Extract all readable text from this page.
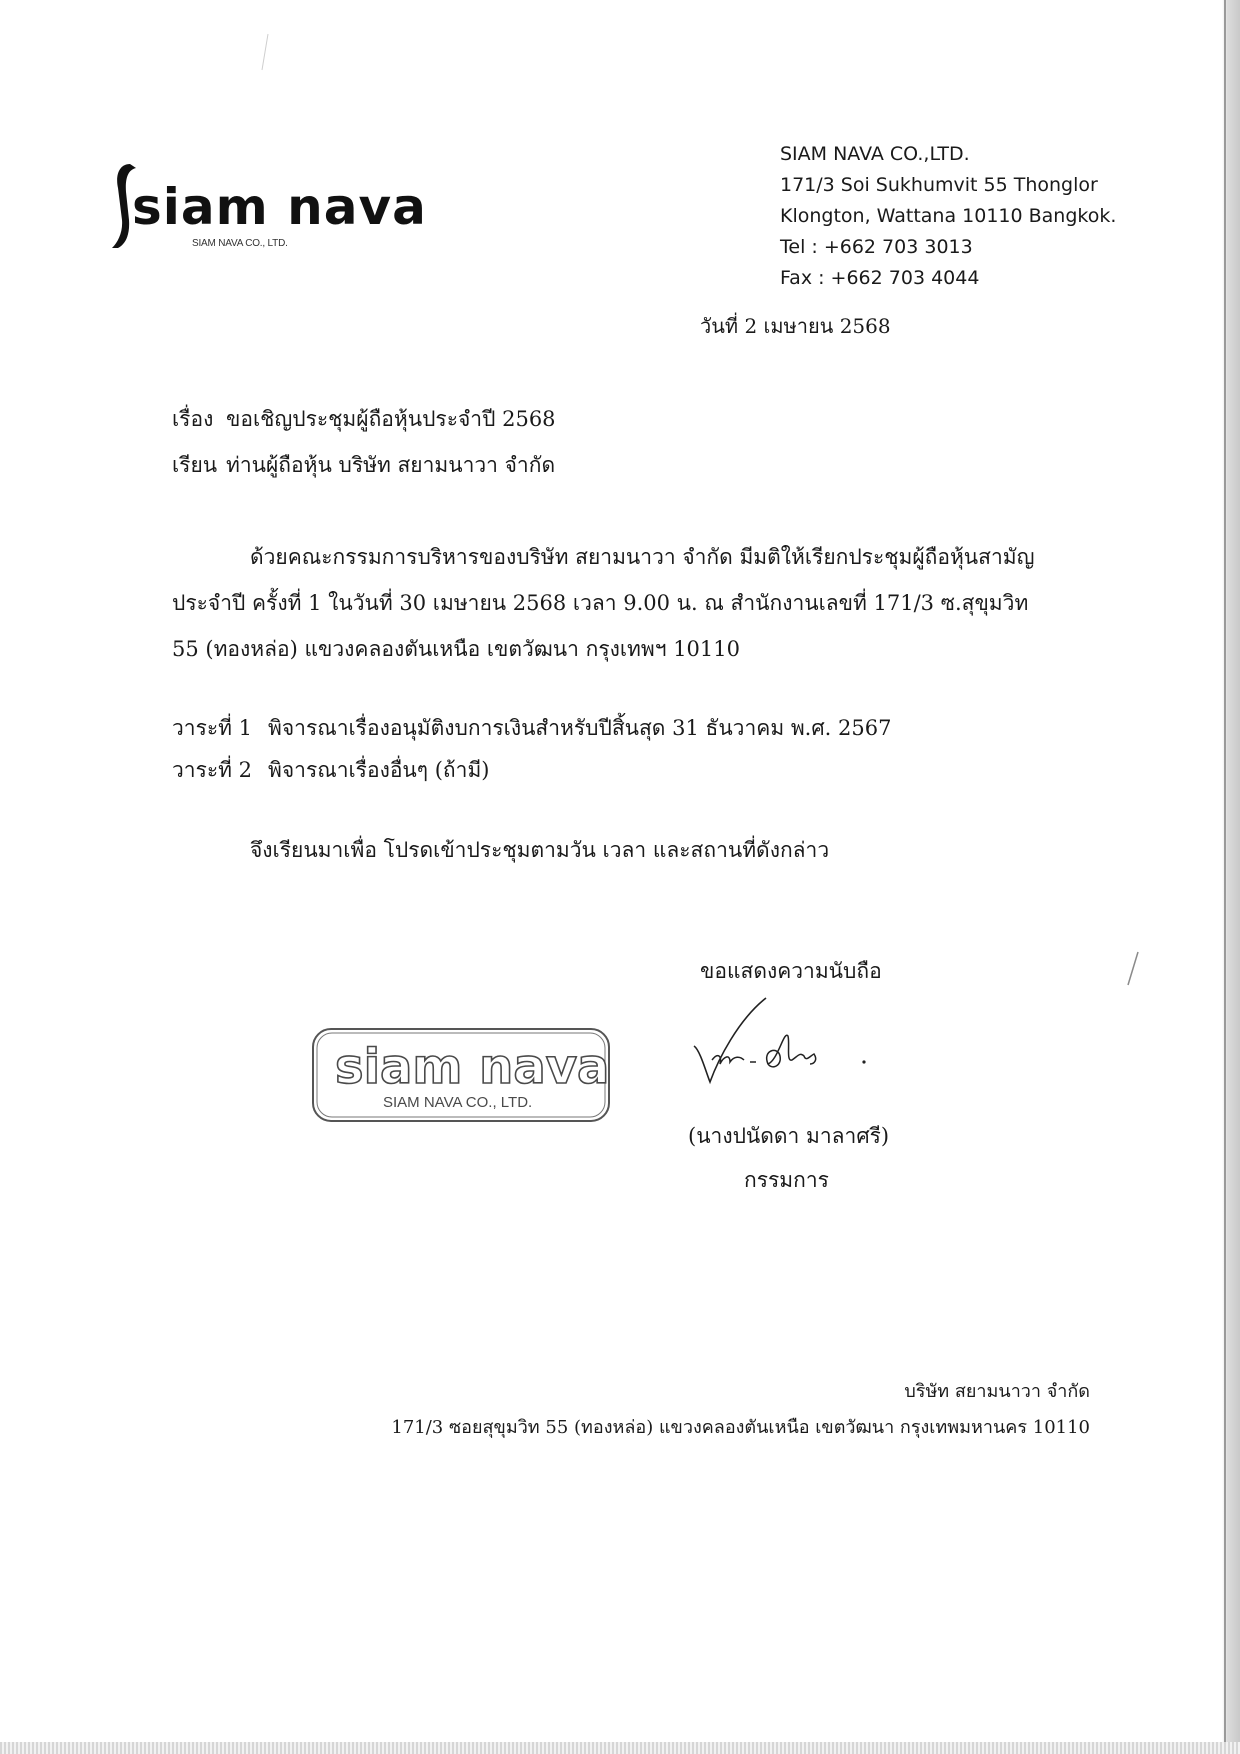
siam nava
SIAM NAVA CO., LTD.
SIAM NAVA CO.,LTD.
171/3 Soi Sukhumvit 55 Thonglor
Klongton, Wattana 10110 Bangkok.
Tel : +662 703 3013
Fax : +662 703 4044
วันที่ 2 เมษายน 2568
เรื่อง ขอเชิญประชุมผู้ถือหุ้นประจำปี 2568
เรียน ท่านผู้ถือหุ้น บริษัท สยามนาวา จำกัด
ด้วยคณะกรรมการบริหารของบริษัท สยามนาวา จำกัด มีมติให้เรียกประชุมผู้ถือหุ้นสามัญ
ประจำปี ครั้งที่ 1 ในวันที่ 30 เมษายน 2568 เวลา 9.00 น. ณ สำนักงานเลขที่ 171/3 ซ.สุขุมวิท
55 (ทองหล่อ) แขวงคลองตันเหนือ เขตวัฒนา กรุงเทพฯ 10110
วาระที่ 1 พิจารณาเรื่องอนุมัติงบการเงินสำหรับปีสิ้นสุด 31 ธันวาคม พ.ศ. 2567
วาระที่ 2 พิจารณาเรื่องอื่นๆ (ถ้ามี)
จึงเรียนมาเพื่อ โปรดเข้าประชุมตามวัน เวลา และสถานที่ดังกล่าว
ขอแสดงความนับถือ
(นางปนัดดา มาลาศรี)
กรรมการ
siam nava
SIAM NAVA CO., LTD.
บริษัท สยามนาวา จำกัด
171/3 ซอยสุขุมวิท 55 (ทองหล่อ) แขวงคลองตันเหนือ เขตวัฒนา กรุงเทพมหานคร 10110
